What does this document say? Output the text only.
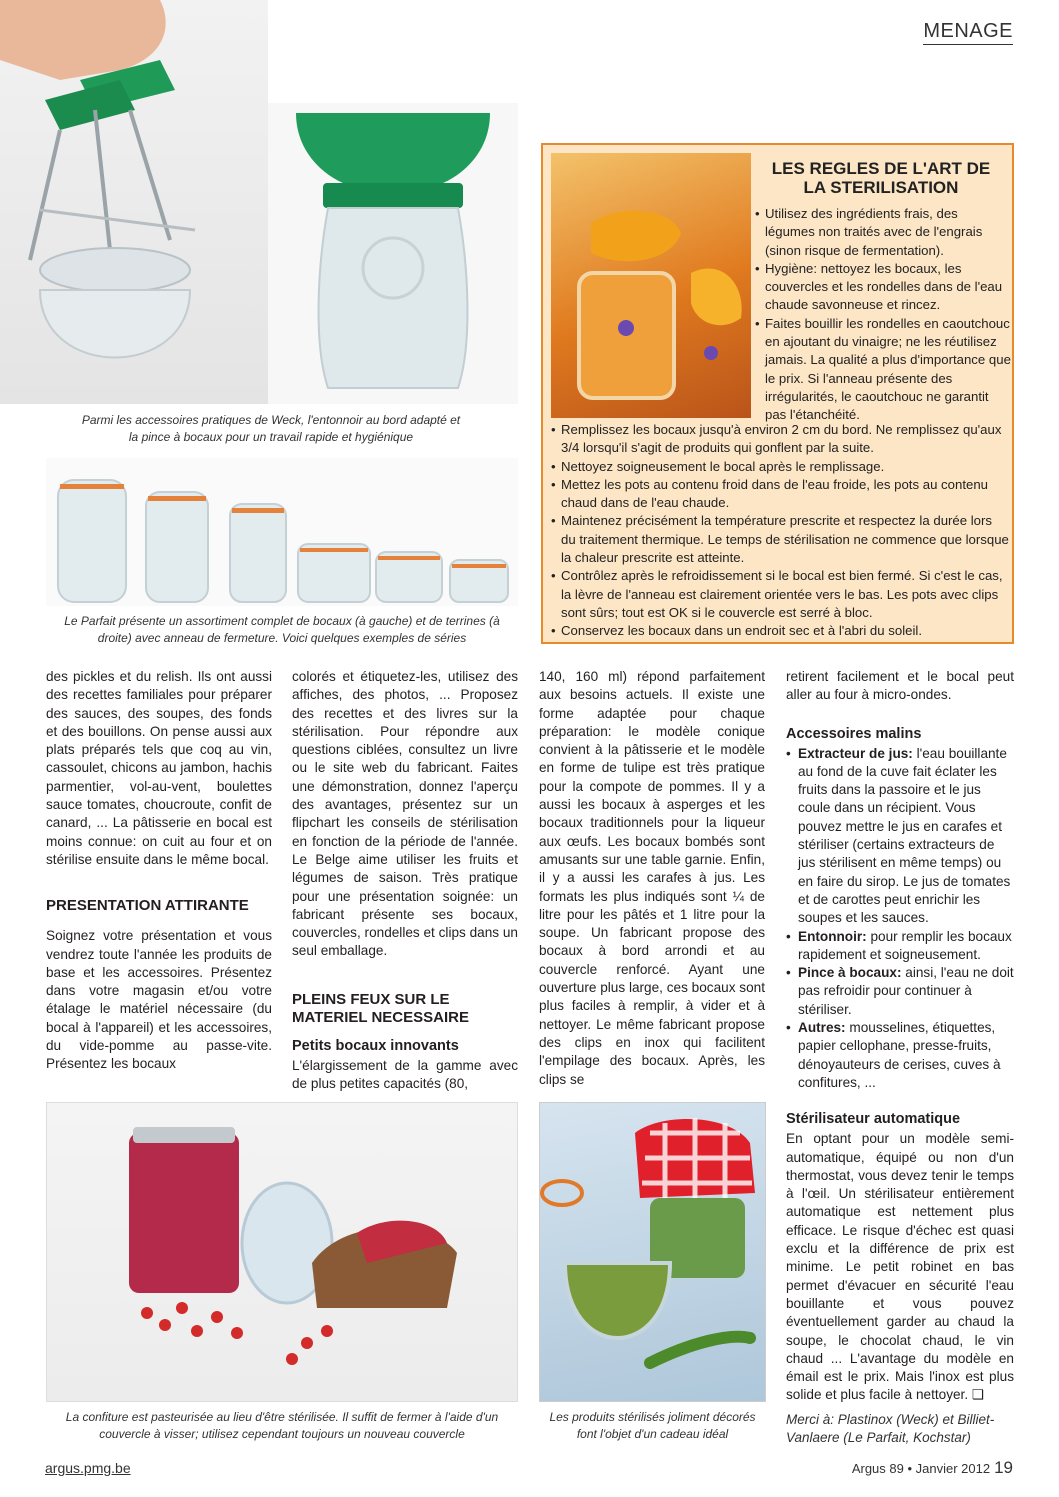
MENAGE
Parmi les accessoires pratiques de Weck, l'entonnoir au bord adapté et la pince à bocaux pour un travail rapide et hygiénique
Le Parfait présente un assortiment complet de bocaux (à gauche) et de terrines (à droite) avec anneau de fermeture. Voici quelques exemples de séries
LES REGLES DE L'ART DE LA STERILISATION
• Utilisez des ingrédients frais, des légumes non traités avec de l'engrais (sinon risque de fermentation).
• Hygiène: nettoyez les bocaux, les couvercles et les rondelles dans de l'eau chaude savonneuse et rincez.
• Faites bouillir les rondelles en caoutchouc en ajoutant du vinaigre; ne les réutilisez jamais. La qualité a plus d'importance que le prix. Si l'anneau présente des irrégularités, le caoutchouc ne garantit pas l'étanchéité.
• Remplissez les bocaux jusqu'à environ 2 cm du bord. Ne remplissez qu'aux 3/4 lorsqu'il s'agit de produits qui gonflent par la suite.
• Nettoyez soigneusement le bocal après le remplissage.
• Mettez les pots au contenu froid dans de l'eau froide, les pots au contenu chaud dans de l'eau chaude.
• Maintenez précisément la température prescrite et respectez la durée lors du traitement thermique. Le temps de stérilisation ne commence que lorsque la chaleur prescrite est atteinte.
• Contrôlez après le refroidissement si le bocal est bien fermé. Si c'est le cas, la lèvre de l'anneau est clairement orientée vers le bas. Les pots avec clips sont sûrs; tout est OK si le couvercle est serré à bloc.
• Conservez les bocaux dans un endroit sec et à l'abri du soleil.

des pickles et du relish. Ils ont aussi des recettes familiales pour préparer des sauces, des soupes, des fonds et des bouillons. On pense aussi aux plats préparés tels que coq au vin, cassoulet, chicons au jambon, hachis parmentier, vol-au-vent, boulettes sauce tomates, choucroute, confit de canard, ... La pâtisserie en bocal est moins connue: on cuit au four et on stérilise ensuite dans le même bocal.

PRESENTATION ATTIRANTE

Soignez votre présentation et vous vendrez toute l'année les produits de base et les accessoires. Présentez dans votre magasin et/ou votre étalage le matériel nécessaire (du bocal à l'appareil) et les accessoires, du vide-pomme au passe-vite. Présentez les bocaux

colorés et étiquetez-les, utilisez des affiches, des photos, ... Proposez des recettes et des livres sur la stérilisation. Pour répondre aux questions ciblées, consultez un livre ou le site web du fabricant. Faites une démonstration, donnez l'aperçu des avantages, présentez sur un flipchart les conseils de stérilisation en fonction de la période de l'année. Le Belge aime utiliser les fruits et légumes de saison. Très pratique pour une présentation soignée: un fabricant présente ses bocaux, couvercles, rondelles et clips dans un seul emballage.

PLEINS FEUX SUR LE MATERIEL NECESSAIRE
Petits bocaux innovants

L'élargissement de la gamme avec de plus petites capacités (80,

140, 160 ml) répond parfaitement aux besoins actuels. Il existe une forme adaptée pour chaque préparation: le modèle conique convient à la pâtisserie et le modèle en forme de tulipe est très pratique pour la compote de pommes. Il y a aussi les bocaux à asperges et les bocaux traditionnels pour la liqueur aux œufs. Les bocaux bombés sont amusants sur une table garnie. Enfin, il y a aussi les carafes à jus. Les formats les plus indiqués sont ¼ de litre pour les pâtés et 1 litre pour la soupe. Un fabricant propose des bocaux à bord arrondi et au couvercle renforcé. Ayant une ouverture plus large, ces bocaux sont plus faciles à remplir, à vider et à nettoyer. Le même fabricant propose des clips en inox qui facilitent l'empilage des bocaux. Après, les clips se

retirent facilement et le bocal peut aller au four à micro-ondes.

Accessoires malins
• Extracteur de jus: l'eau bouillante au fond de la cuve fait éclater les fruits dans la passoire et le jus coule dans un récipient. Vous pouvez mettre le jus en carafes et stériliser (certains extracteurs de jus stérilisent en même temps) ou en faire du sirop. Le jus de tomates et de carottes peut enrichir les soupes et les sauces.
• Entonnoir: pour remplir les bocaux rapidement et soigneusement.
• Pince à bocaux: ainsi, l'eau ne doit pas refroidir pour continuer à stériliser.
• Autres: mousselines, étiquettes, papier cellophane, presse-fruits, dénoyauteurs de cerises, cuves à confitures, ...
Stérilisateur automatique

En optant pour un modèle semi-automatique, équipé ou non d'un thermostat, vous devez tenir le temps à l'œil. Un stérilisateur entièrement automatique est nettement plus efficace. Le risque d'échec est quasi exclu et la différence de prix est minime. Le petit robinet en bas permet d'évacuer en sécurité l'eau bouillante et vous pouvez éventuellement garder au chaud la soupe, le chocolat chaud, le vin chaud ... L'avantage du modèle en émail est le prix. Mais l'inox est plus solide et plus facile à nettoyer. ❑

La confiture est pasteurisée au lieu d'être stérilisée. Il suffit de fermer à l'aide d'un couvercle à visser; utilisez cependant toujours un nouveau couvercle
Les produits stérilisés joliment décorés font l'objet d'un cadeau idéal
Merci à: Plastinox (Weck) et Billiet-Vanlaere (Le Parfait, Kochstar)
argus.pmg.be	Argus 89 • Janvier 2012 19
